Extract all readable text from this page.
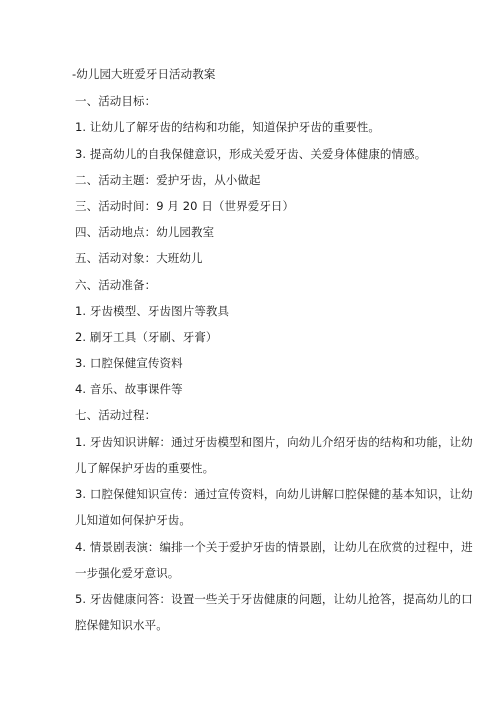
-幼儿园大班爱牙日活动教案
一、活动目标：
1. 让幼儿了解牙齿的结构和功能，知道保护牙齿的重要性。
3. 提高幼儿的自我保健意识，形成关爱牙齿、关爱身体健康的情感。
二、活动主题：爱护牙齿，从小做起
三、活动时间：9 月 20 日（世界爱牙日）
四、活动地点：幼儿园教室
五、活动对象：大班幼儿
六、活动准备：
1. 牙齿模型、牙齿图片等教具
2. 刷牙工具（牙刷、牙膏）
3. 口腔保健宣传资料
4. 音乐、故事课件等
七、活动过程：
1. 牙齿知识讲解：通过牙齿模型和图片，向幼儿介绍牙齿的结构和功能，让幼
儿了解保护牙齿的重要性。
3. 口腔保健知识宣传：通过宣传资料，向幼儿讲解口腔保健的基本知识，让幼
儿知道如何保护牙齿。
4. 情景剧表演：编排一个关于爱护牙齿的情景剧，让幼儿在欣赏的过程中，进
一步强化爱牙意识。
5. 牙齿健康问答：设置一些关于牙齿健康的问题，让幼儿抢答，提高幼儿的口
腔保健知识水平。
